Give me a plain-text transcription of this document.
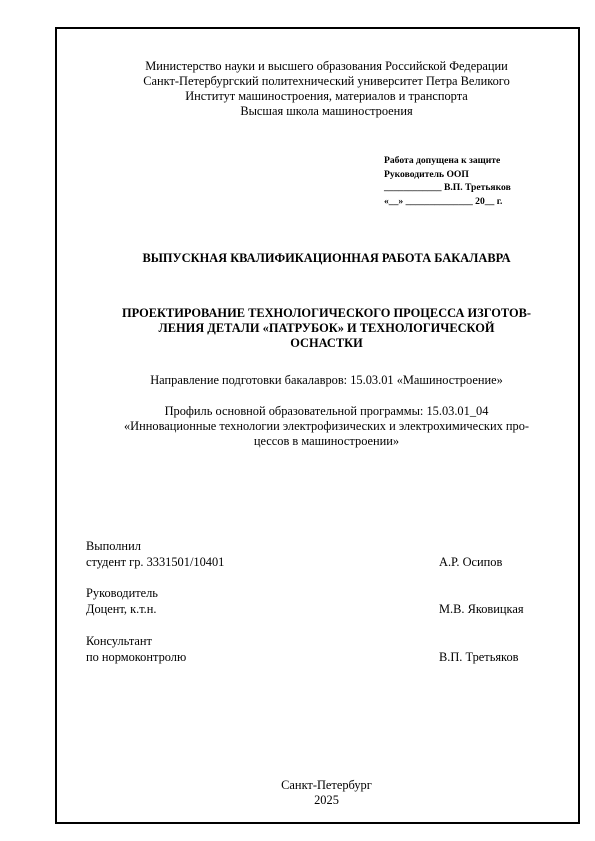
Министерство науки и высшего образования Российской Федерации
Санкт-Петербургский политехнический университет Петра Великого
Институт машиностроения, материалов и транспорта
Высшая школа машиностроения
Работа допущена к защите
Руководитель ООП
____________ В.П. Третьяков
«__» ______________ 20__ г.
ВЫПУСКНАЯ КВАЛИФИКАЦИОННАЯ РАБОТА БАКАЛАВРА
ПРОЕКТИРОВАНИЕ ТЕХНОЛОГИЧЕСКОГО ПРОЦЕССА ИЗГОТОВ-
ЛЕНИЯ ДЕТАЛИ «ПАТРУБОК» И ТЕХНОЛОГИЧЕСКОЙ
ОСНАСТКИ
Направление подготовки бакалавров: 15.03.01 «Машиностроение»
Профиль основной образовательной программы: 15.03.01_04
«Инновационные технологии электрофизических и электрохимических про-
цессов в машиностроении»
Выполнил
студент гр. 3331501/10401	А.Р. Осипов
Руководитель
Доцент, к.т.н.	М.В. Яковицкая
Консультант
по нормоконтролю	В.П. Третьяков
Санкт-Петербург
2025
